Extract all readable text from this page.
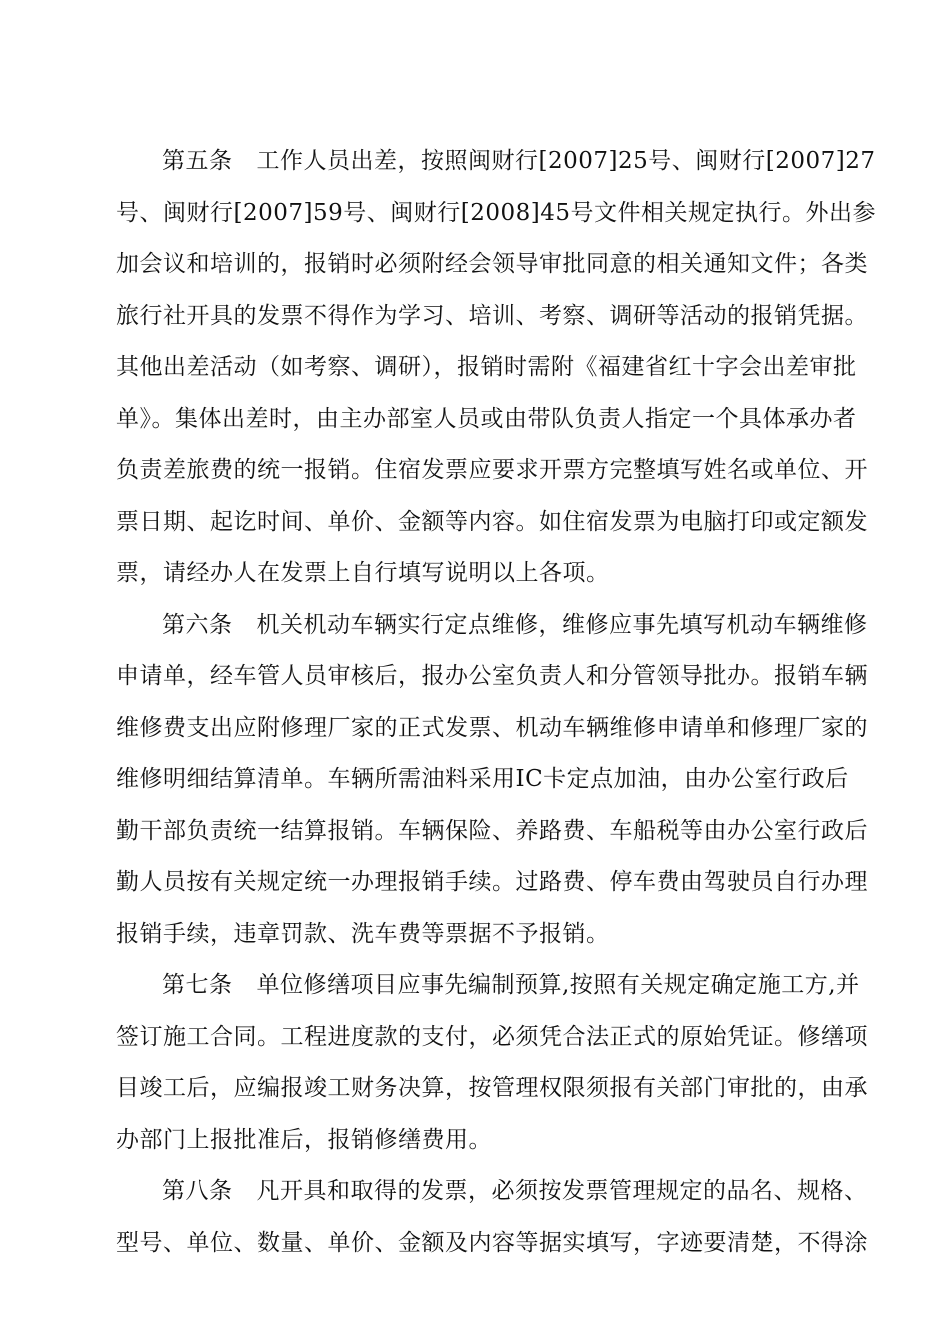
第五条 工作人员出差，按照闽财行[2007]25号、闽财行[2007]27
号、闽财行[2007]59号、闽财行[2008]45号文件相关规定执行。外出参
加会议和培训的，报销时必须附经会领导审批同意的相关通知文件；各类
旅行社开具的发票不得作为学习、培训、考察、调研等活动的报销凭据。
其他出差活动（如考察、调研），报销时需附《福建省红十字会出差审批
单》。集体出差时，由主办部室人员或由带队负责人指定一个具体承办者
负责差旅费的统一报销。住宿发票应要求开票方完整填写姓名或单位、开
票日期、起讫时间、单价、金额等内容。如住宿发票为电脑打印或定额发
票，请经办人在发票上自行填写说明以上各项。
第六条 机关机动车辆实行定点维修，维修应事先填写机动车辆维修
申请单，经车管人员审核后，报办公室负责人和分管领导批办。报销车辆
维修费支出应附修理厂家的正式发票、机动车辆维修申请单和修理厂家的
维修明细结算清单。车辆所需油料采用IC卡定点加油，由办公室行政后
勤干部负责统一结算报销。车辆保险、养路费、车船税等由办公室行政后
勤人员按有关规定统一办理报销手续。过路费、停车费由驾驶员自行办理
报销手续，违章罚款、洗车费等票据不予报销。
第七条 单位修缮项目应事先编制预算,按照有关规定确定施工方,并
签订施工合同。工程进度款的支付，必须凭合法正式的原始凭证。修缮项
目竣工后，应编报竣工财务决算，按管理权限须报有关部门审批的，由承
办部门上报批准后，报销修缮费用。
第八条 凡开具和取得的发票，必须按发票管理规定的品名、规格、
型号、单位、数量、单价、金额及内容等据实填写，字迹要清楚，不得涂
